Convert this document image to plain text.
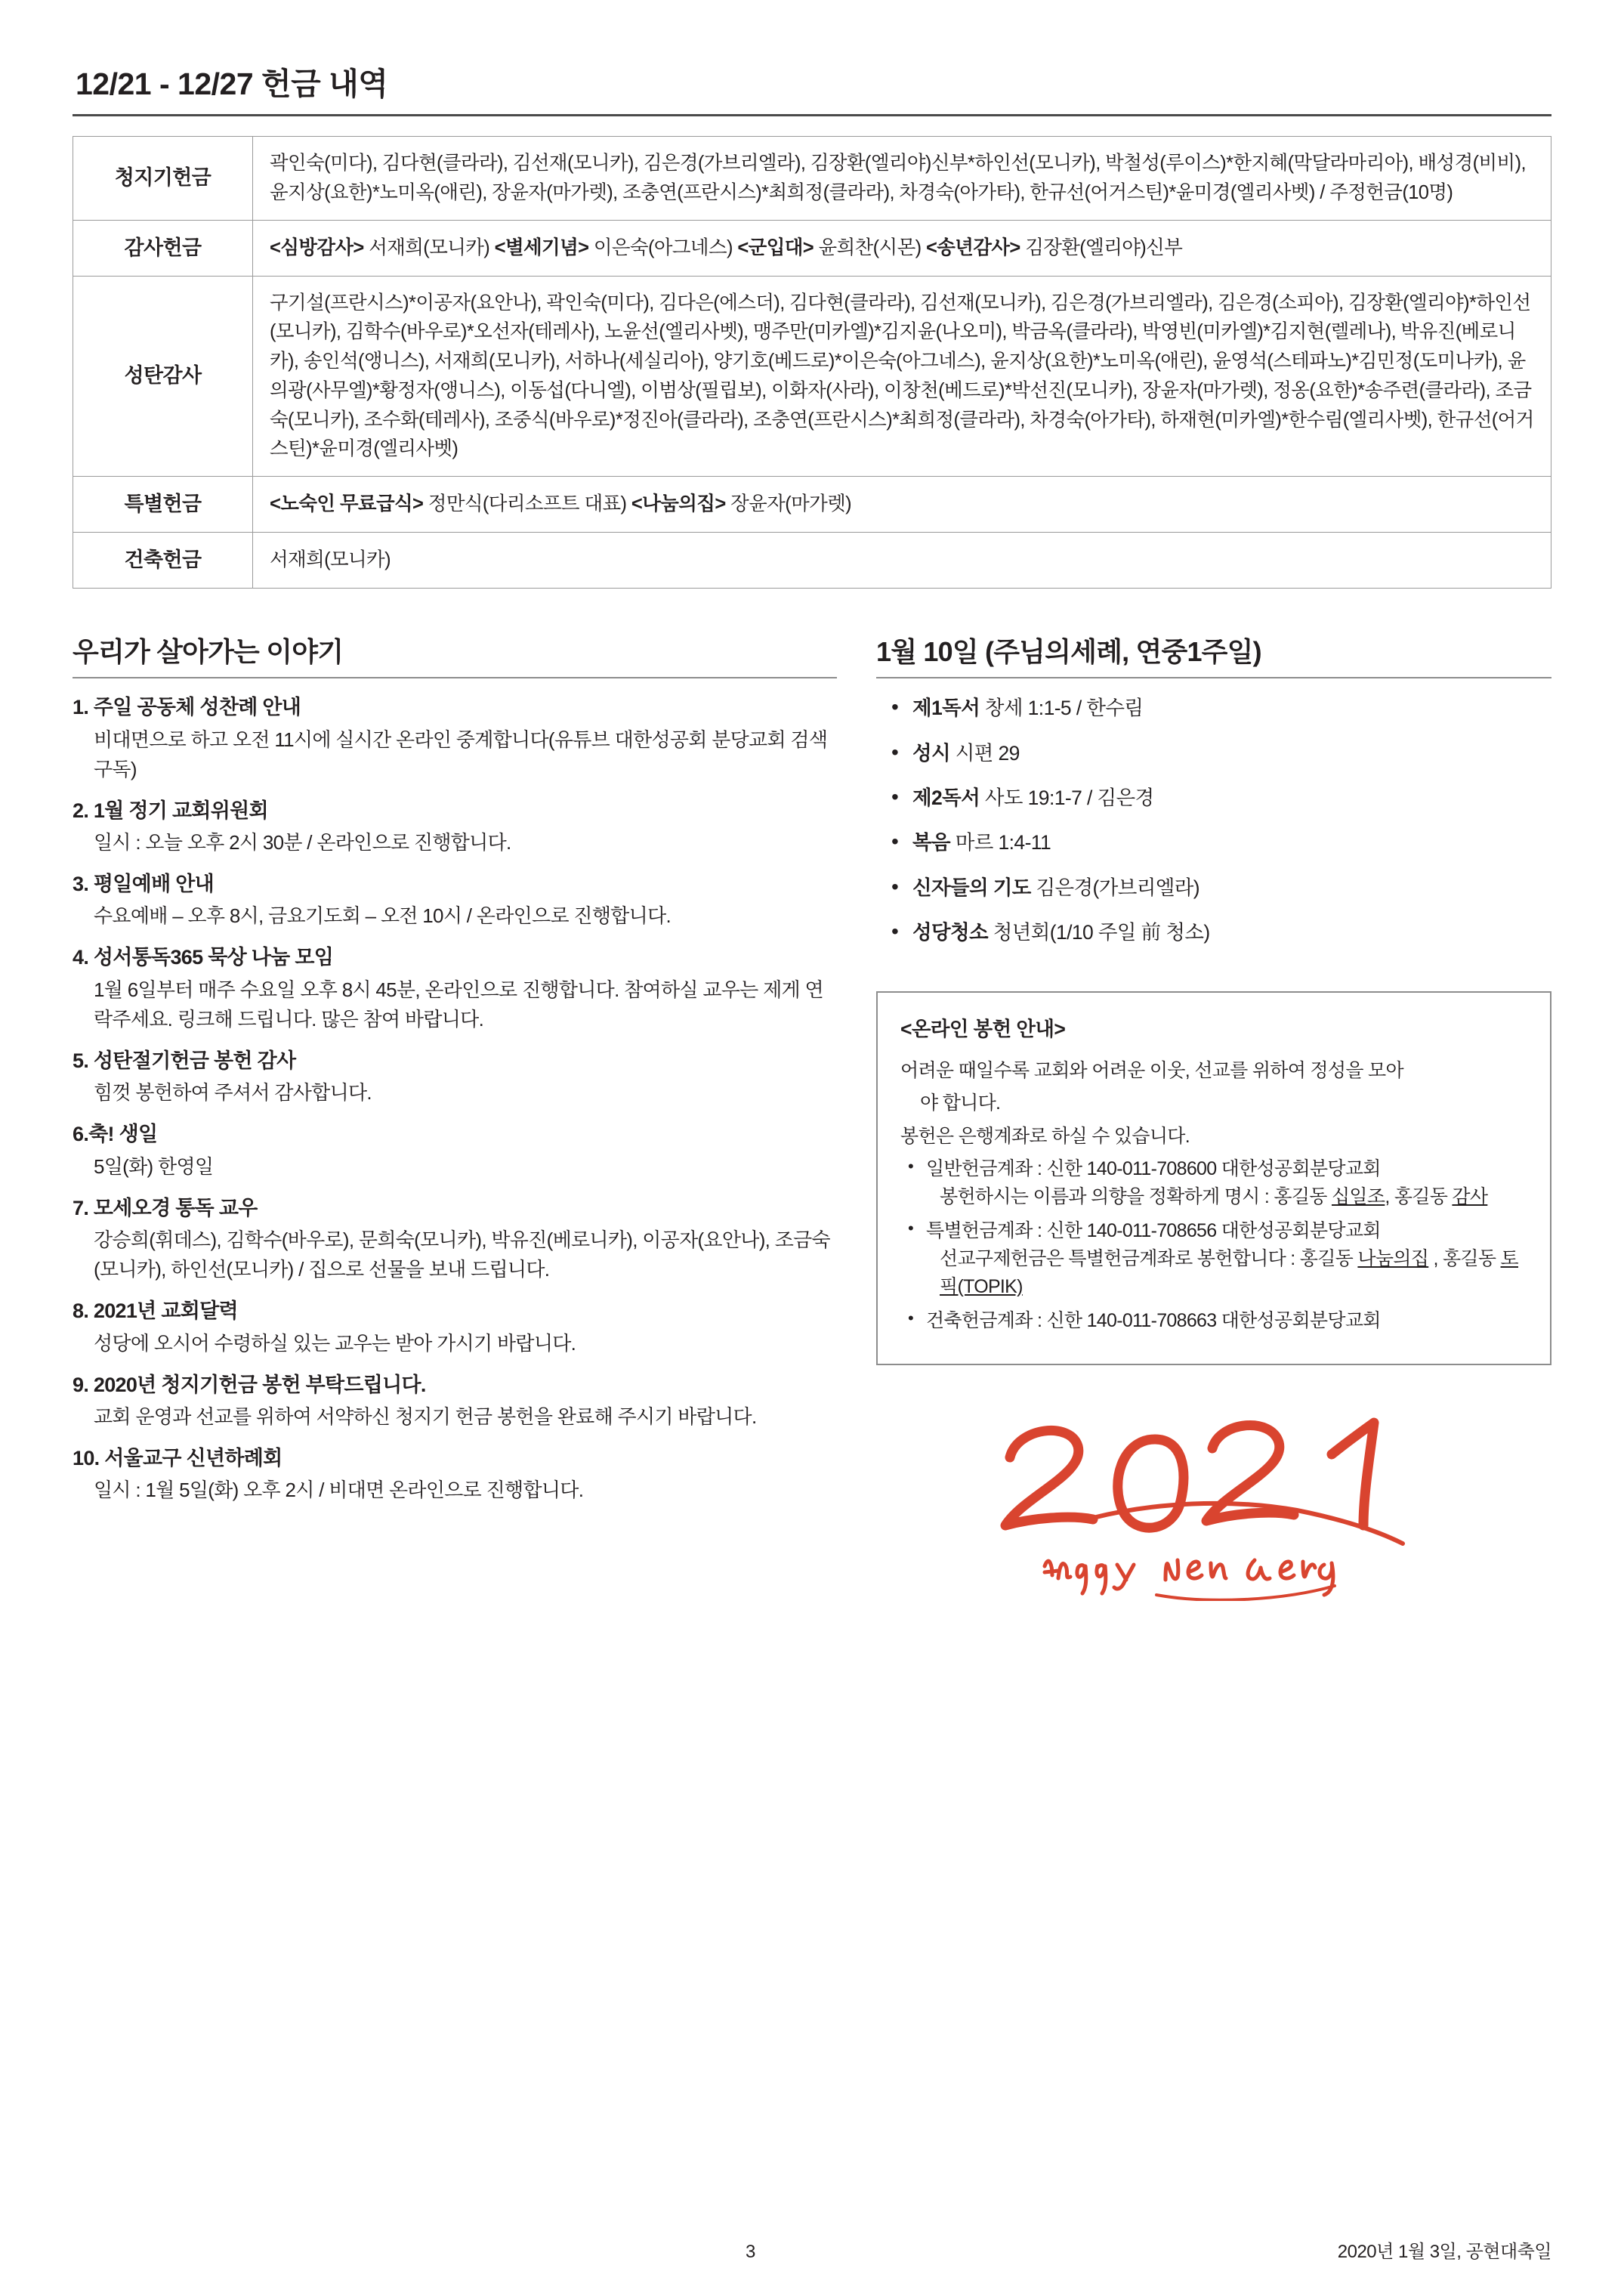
12/21 - 12/27 헌금 내역
청지기헌금	곽인숙(미다), 김다현(클라라), 김선재(모니카), 김은경(가브리엘라), 김장환(엘리야)신부*하인선(모니카), 박철성(루이스)*한지혜(막달라마리아), 배성경(비비), 윤지상(요한)*노미옥(애린), 장윤자(마가렛), 조충연(프란시스)*최희정(클라라), 차경숙(아가타), 한규선(어거스틴)*윤미경(엘리사벳) / 주정헌금(10명)
감사헌금	<심방감사> 서재희(모니카) <별세기념> 이은숙(아그네스) <군입대> 윤희찬(시몬) <송년감사> 김장환(엘리야)신부
성탄감사	구기설(프란시스)*이공자(요안나), 곽인숙(미다), 김다은(에스더), 김다현(클라라), 김선재(모니카), 김은경(가브리엘라), 김은경(소피아), 김장환(엘리야)*하인선(모니카), 김학수(바우로)*오선자(테레사), 노윤선(엘리사벳), 맹주만(미카엘)*김지윤(나오미), 박금옥(클라라), 박영빈(미카엘)*김지현(렐레나), 박유진(베로니카), 송인석(앵니스), 서재희(모니카), 서하나(세실리아), 양기호(베드로)*이은숙(아그네스), 윤지상(요한)*노미옥(애린), 윤영석(스테파노)*김민정(도미나카), 윤의광(사무엘)*황정자(앵니스), 이동섭(다니엘), 이범상(필립보), 이화자(사라), 이창천(베드로)*박선진(모니카), 장윤자(마가렛), 정옹(요한)*송주련(클라라), 조금숙(모니카), 조수화(테레사), 조중식(바우로)*정진아(클라라), 조충연(프란시스)*최희정(클라라), 차경숙(아가타), 하재현(미카엘)*한수림(엘리사벳), 한규선(어거스틴)*윤미경(엘리사벳)
특별헌금	<노숙인 무료급식> 정만식(다리소프트 대표) <나눔의집> 장윤자(마가렛)
건축헌금	서재희(모니카)
우리가 살아가는 이야기
1. 주일 공동체 성찬례 안내
비대면으로 하고 오전 11시에 실시간 온라인 중계합니다(유튜브 대한성공회 분당교회 검색 구독)
2. 1월 정기 교회위원회
일시 : 오늘 오후 2시 30분 / 온라인으로 진행합니다.
3. 평일예배 안내
수요예배 – 오후 8시, 금요기도회 – 오전 10시 / 온라인으로 진행합니다.
4. 성서통독365 묵상 나눔 모임
1월 6일부터 매주 수요일 오후 8시 45분, 온라인으로 진행합니다. 참여하실 교우는 제게 연락주세요. 링크해 드립니다. 많은 참여 바랍니다.
5. 성탄절기헌금 봉헌 감사
힘껏 봉헌하여 주셔서 감사합니다.
6.축! 생일
5일(화) 한영일
7. 모세오경 통독 교우
강승희(휘데스), 김학수(바우로), 문희숙(모니카), 박유진(베로니카), 이공자(요안나), 조금숙(모니카), 하인선(모니카) / 집으로 선물을 보내 드립니다.
8. 2021년 교회달력
성당에 오시어 수령하실 있는 교우는 받아 가시기 바랍니다.
9. 2020년 청지기헌금 봉헌 부탁드립니다.
교회 운영과 선교를 위하여 서약하신 청지기 헌금 봉헌을 완료해 주시기 바랍니다.
10. 서울교구 신년하례회
일시 : 1월 5일(화) 오후 2시 / 비대면 온라인으로 진행합니다.
1월 10일 (주님의세례, 연중1주일)
• 제1독서 창세 1:1-5 / 한수림
• 성시 시편 29
• 제2독서 사도 19:1-7 / 김은경
• 복음 마르 1:4-11
• 신자들의 기도 김은경(가브리엘라)
• 성당청소 청년회(1/10 주일 前 청소)
<온라인 봉헌 안내>

어려운 때일수록 교회와 어려운 이웃, 선교를 위하여 정성을 모아

야 합니다.

봉헌은 은행계좌로 하실 수 있습니다.

• 일반헌금계좌 : 신한 140-011-708600 대한성공회분당교회
봉헌하시는 이름과 의향을 정확하게 명시 : 홍길동 십일조, 홍길동 감사
• 특별헌금계좌 : 신한 140-011-708656 대한성공회분당교회
선교구제헌금은 특별헌금계좌로 봉헌합니다 : 홍길동 나눔의집 , 홍길동 토픽(TOPIK)
• 건축헌금계좌 : 신한 140-011-708663 대한성공회분당교회
3	2020년 1월 3일, 공현대축일
